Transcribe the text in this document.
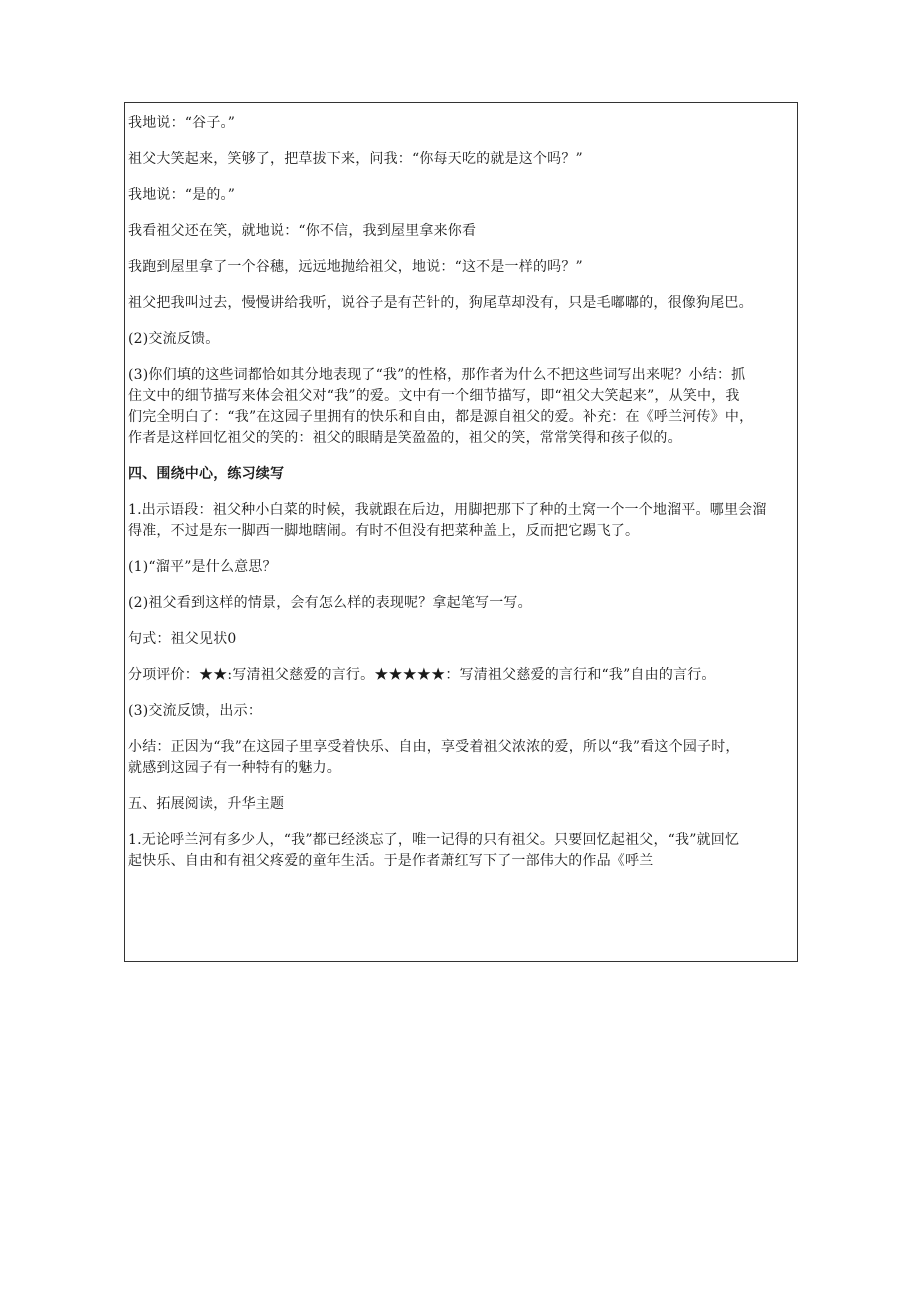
我地说：“谷子。”

祖父大笑起来，笑够了，把草拔下来，问我：“你每天吃的就是这个吗？”

我地说：“是的。”

我看祖父还在笑，就地说：“你不信，我到屋里拿来你看

我跑到屋里拿了一个谷穗，远远地抛给祖父，地说：“这不是一样的吗？”

祖父把我叫过去，慢慢讲给我听，说谷子是有芒针的，狗尾草却没有，只是毛嘟嘟的，很像狗尾巴。

(2)交流反馈。

(3)你们填的这些词都恰如其分地表现了“我”的性格，那作者为什么不把这些词写出来呢？小结：抓

住文中的细节描写来体会祖父对“我”的爱。文中有一个细节描写，即“祖父大笑起来”，从笑中，我

们完全明白了：“我”在这园子里拥有的快乐和自由，都是源自祖父的爱。补充：在《呼兰河传》中，

作者是这样回忆祖父的笑的：祖父的眼睛是笑盈盈的，祖父的笑，常常笑得和孩子似的。

四、围绕中心，练习续写

1.出示语段：祖父种小白菜的时候，我就跟在后边，用脚把那下了种的土窝一个一个地溜平。哪里会溜

得准，不过是东一脚西一脚地瞎闹。有时不但没有把菜种盖上，反而把它踢飞了。

(1)“溜平”是什么意思？

(2)祖父看到这样的情景，会有怎么样的表现呢？拿起笔写一写。

句式：祖父见状0

分项评价：★★:写清祖父慈爱的言行。★★★★★：写清祖父慈爱的言行和“我”自由的言行。

(3)交流反馈，出示：

小结：正因为“我”在这园子里享受着快乐、自由，享受着祖父浓浓的爱，所以“我”看这个园子时，

就感到这园子有一种特有的魅力。

五、拓展阅读，升华主题

1.无论呼兰河有多少人，“我”都已经淡忘了，唯一记得的只有祖父。只要回忆起祖父，“我”就回忆

起快乐、自由和有祖父疼爱的童年生活。于是作者萧红写下了一部伟大的作品《呼兰
